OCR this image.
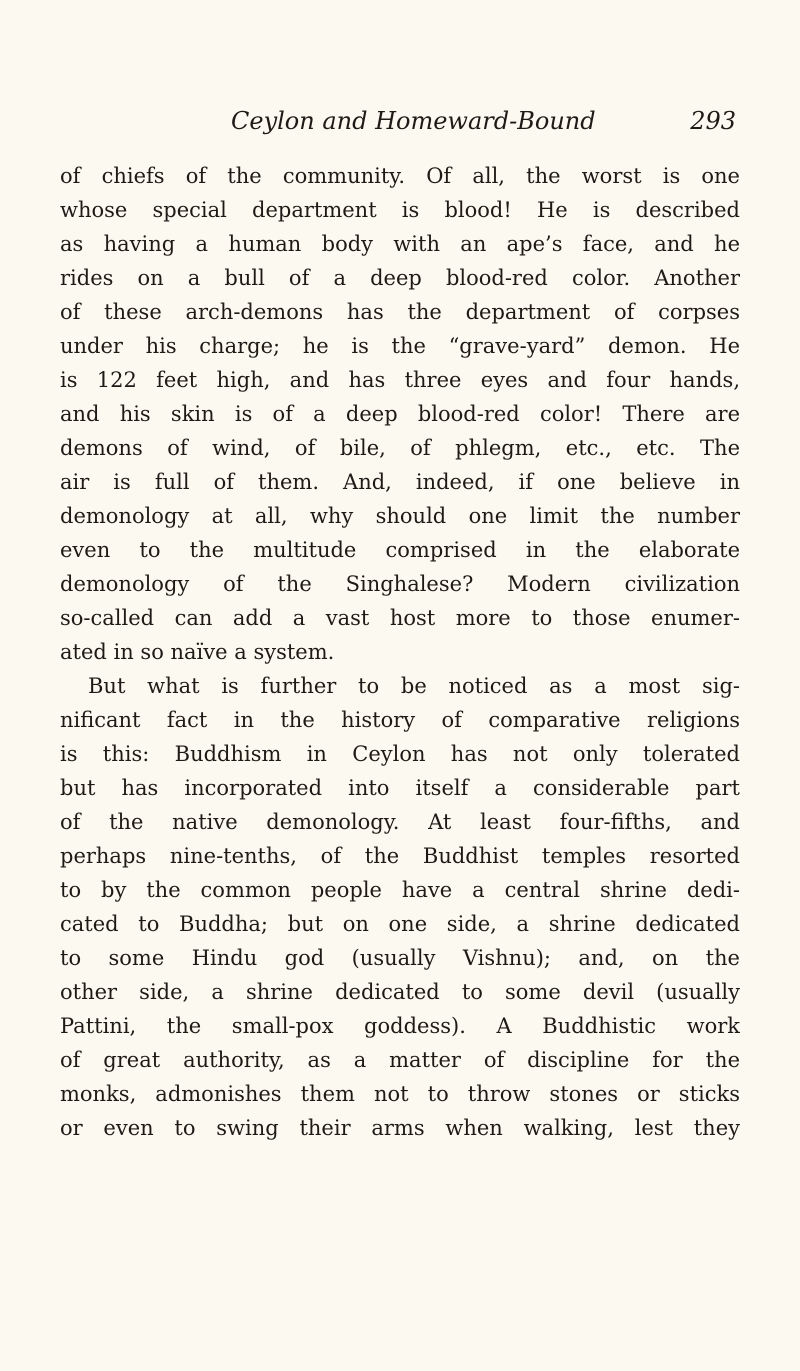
Ceylon and Homeward-Bound	293
of chiefs of the community. Of all, the worst is one
whose special department is blood! He is described
as having a human body with an ape’s face, and he
rides on a bull of a deep blood-red color. Another
of these arch-demons has the department of corpses
under his charge; he is the “grave-yard” demon. He
is 122 feet high, and has three eyes and four hands,
and his skin is of a deep blood-red color! There are
demons of wind, of bile, of phlegm, etc., etc. The
air is full of them. And, indeed, if one believe in
demonology at all, why should one limit the number
even to the multitude comprised in the elaborate
demonology of the Singhalese? Modern civilization
so-called can add a vast host more to those enumer-
ated in so naïve a system.
But what is further to be noticed as a most sig-
nificant fact in the history of comparative religions
is this: Buddhism in Ceylon has not only tolerated
but has incorporated into itself a considerable part
of the native demonology. At least four-fifths, and
perhaps nine-tenths, of the Buddhist temples resorted
to by the common people have a central shrine dedi-
cated to Buddha; but on one side, a shrine dedicated
to some Hindu god (usually Vishnu); and, on the
other side, a shrine dedicated to some devil (usually
Pattini, the small-pox goddess). A Buddhistic work
of great authority, as a matter of discipline for the
monks, admonishes them not to throw stones or sticks
or even to swing their arms when walking, lest they
